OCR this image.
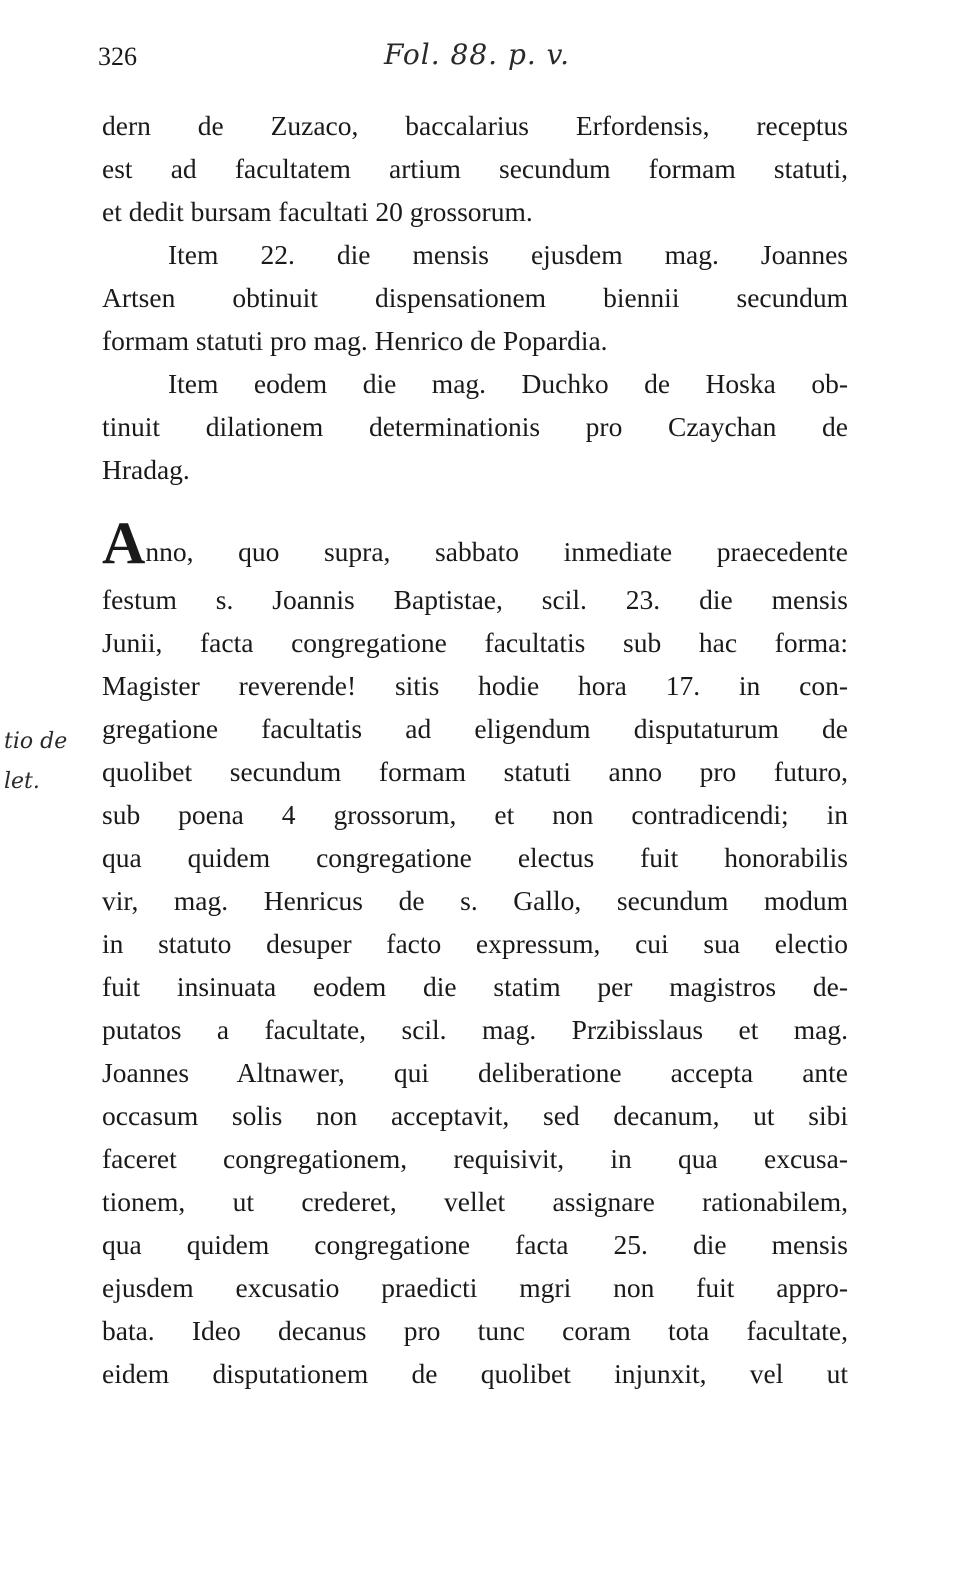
326	Fol. 88. p. v.
tio de
let.
dern de Zuzaco, baccalarius Erfordensis, receptus
est ad facultatem artium secundum formam statuti,
et dedit bursam facultati 20 grossorum.
Item 22. die mensis ejusdem mag. Joannes
Artsen obtinuit dispensationem biennii secundum
formam statuti pro mag. Henrico de Popardia.
Item eodem die mag. Duchko de Hoska ob-
tinuit dilationem determinationis pro Czaychan de
Hradag.
Anno, quo supra, sabbato inmediate praecedente
festum s. Joannis Baptistae, scil. 23. die mensis
Junii, facta congregatione facultatis sub hac forma:
Magister reverende! sitis hodie hora 17. in con-
gregatione facultatis ad eligendum disputaturum de
quolibet secundum formam statuti anno pro futuro,
sub poena 4 grossorum, et non contradicendi; in
qua quidem congregatione electus fuit honorabilis
vir, mag. Henricus de s. Gallo, secundum modum
in statuto desuper facto expressum, cui sua electio
fuit insinuata eodem die statim per magistros de-
putatos a facultate, scil. mag. Przibisslaus et mag.
Joannes Altnawer, qui deliberatione accepta ante
occasum solis non acceptavit, sed decanum, ut sibi
faceret congregationem, requisivit, in qua excusa-
tionem, ut crederet, vellet assignare rationabilem,
qua quidem congregatione facta 25. die mensis
ejusdem excusatio praedicti mgri non fuit appro-
bata. Ideo decanus pro tunc coram tota facultate,
eidem disputationem de quolibet injunxit, vel ut
